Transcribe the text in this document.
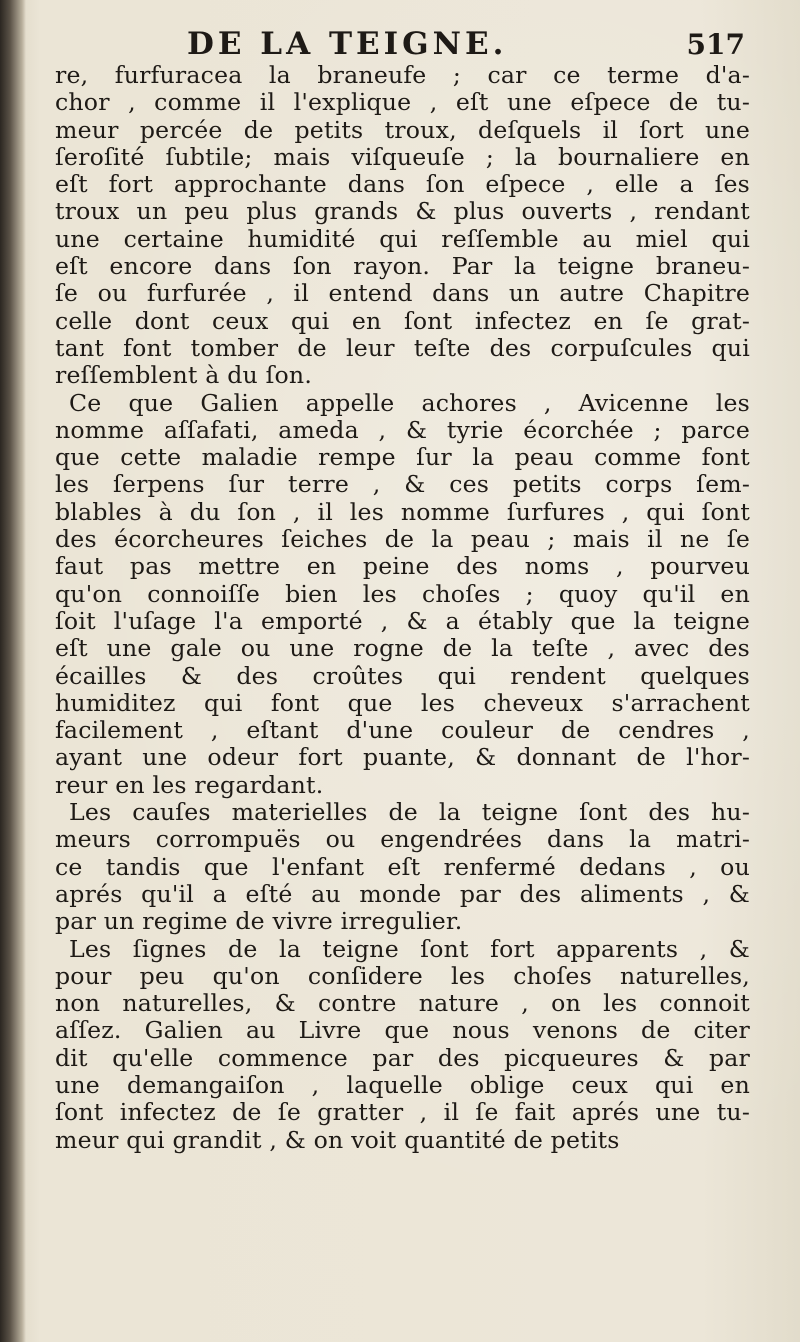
DE LA TEIGNE.	517
re, furfuracea la braneufe ; car ce terme d'a-
chor , comme il l'explique , eſt une eſpece de tu-
meur percée de petits troux, deſquels il ſort une
ſeroſité ſubtile; mais viſqueuſe ; la bournaliere en
eſt fort approchante dans ſon eſpece , elle a ſes
troux un peu plus grands & plus ouverts , rendant
une certaine humidité qui reſſemble au miel qui
eſt encore dans ſon rayon. Par la teigne braneu-
ſe ou furfurée , il entend dans un autre Chapitre
celle dont ceux qui en ſont infectez en ſe grat-
tant font tomber de leur teſte des corpuſcules qui
reſſemblent à du ſon.
Ce que Galien appelle achores , Avicenne les
nomme aſſafati, ameda , & tyrie écorchée ; parce
que cette maladie rempe ſur la peau comme font
les ſerpens ſur terre , & ces petits corps ſem-
blables à du ſon , il les nomme ſurfures , qui ſont
des écorcheures ſeiches de la peau ; mais il ne ſe
faut pas mettre en peine des noms , pourveu
qu'on connoiſſe bien les choſes ; quoy qu'il en
ſoit l'uſage l'a emporté , & a étably que la teigne
eſt une gale ou une rogne de la teſte , avec des
écailles & des croûtes qui rendent quelques
humiditez qui font que les cheveux s'arrachent
facilement , eſtant d'une couleur de cendres ,
ayant une odeur fort puante, & donnant de l'hor-
reur en les regardant.
Les cauſes materielles de la teigne ſont des hu-
meurs corrompuës ou engendrées dans la matri-
ce tandis que l'enfant eſt renfermé dedans , ou
aprés qu'il a eſté au monde par des aliments , &
par un regime de vivre irregulier.
Les ſignes de la teigne ſont fort apparents , &
pour peu qu'on conſidere les choſes naturelles,
non naturelles, & contre nature , on les connoit
aſſez. Galien au Livre que nous venons de citer
dit qu'elle commence par des picqueures & par
une demangaiſon , laquelle oblige ceux qui en
ſont infectez de ſe gratter , il ſe fait aprés une tu-
meur qui grandit , & on voit quantité de petits
